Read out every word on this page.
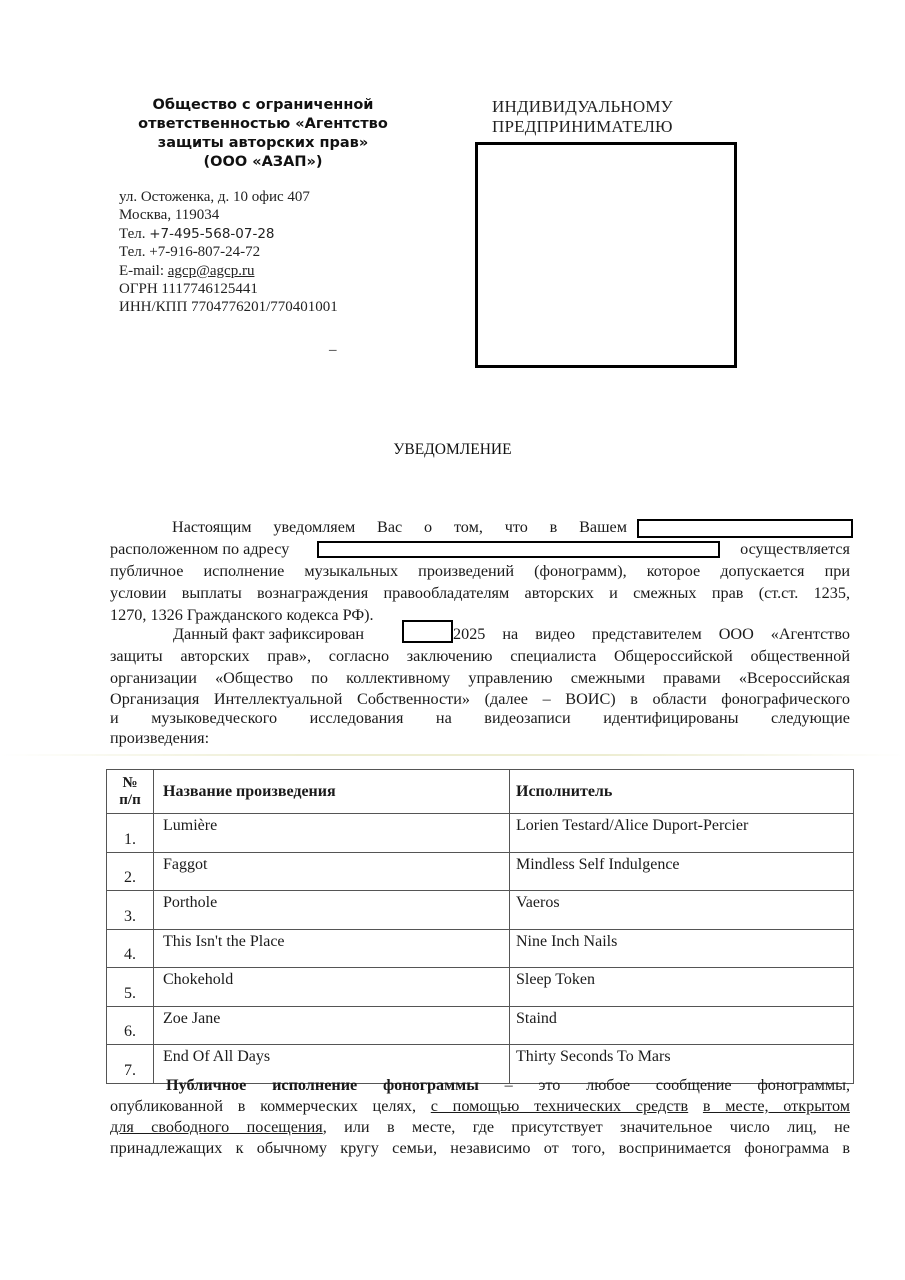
Общество с ограниченной
ответственностью «Агентство
защиты авторских прав»
(ООО «АЗАП»)
ул. Остоженка, д. 10 офис 407
Москва, 119034
Тел. +7-495-568-07-28
Тел. +7-916-807-24-72
E-mail: agcp@agcp.ru
ОГРН 1117746125441
ИНН/КПП 7704776201/770401001
–
ИНДИВИДУАЛЬНОМУ
ПРЕДПРИНИМАТЕЛЮ
УВЕДОМЛЕНИЕ
Настоящим уведомляем Вас о том, что в Вашем
расположенном по адресу	осуществляется
публичное исполнение музыкальных произведений (фонограмм), которое допускается при
условии выплаты вознаграждения правообладателям авторских и смежных прав (ст.ст. 1235,
1270, 1326 Гражданского кодекса РФ).
Данный факт зафиксирован	2025 на видео представителем ООО «Агентство
защиты авторских прав», согласно заключению специалиста Общероссийской общественной
организации «Общество по коллективному управлению смежными правами «Всероссийская
Организация Интеллектуальной Собственности» (далее – ВОИС) в области фонографического
и музыковедческого исследования на видеозаписи идентифицированы следующие
произведения:
№
п/п	Название произведения	Исполнитель
1.	Lumière	Lorien Testard/Alice Duport-Percier
2.	Faggot	Mindless Self Indulgence
3.	Porthole	Vaeros
4.	This Isn't the Place	Nine Inch Nails
5.	Chokehold	Sleep Token
6.	Zoe Jane	Staind
7.	End Of All Days	Thirty Seconds To Mars
Публичное исполнение фонограммы – это любое сообщение фонограммы,
опубликованной в коммерческих целях, с помощью технических средств в месте, открытом
для свободного посещения, или в месте, где присутствует значительное число лиц, не
принадлежащих к обычному кругу семьи, независимо от того, воспринимается фонограмма в
